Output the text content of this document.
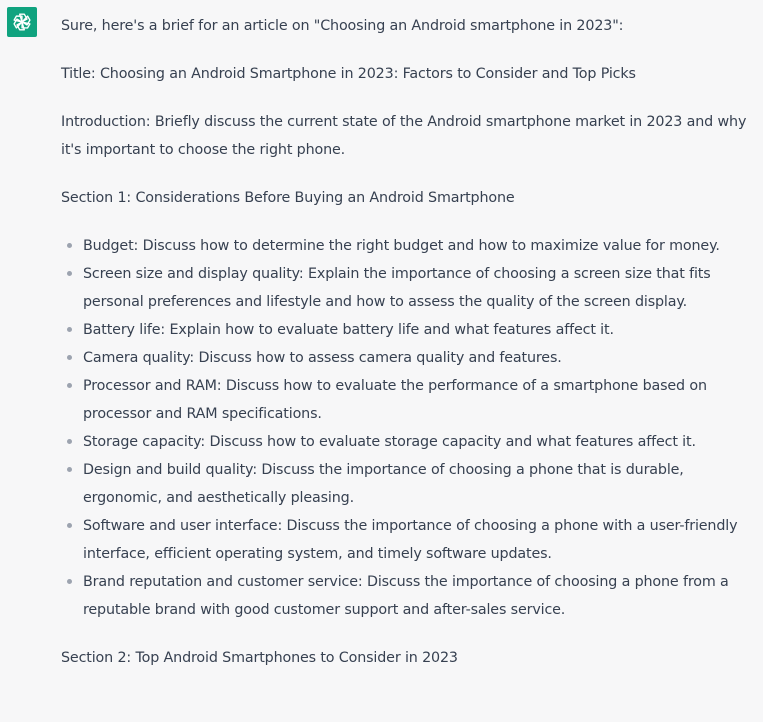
Sure, here's a brief for an article on "Choosing an Android smartphone in 2023":

Title: Choosing an Android Smartphone in 2023: Factors to Consider and Top Picks

Introduction: Briefly discuss the current state of the Android smartphone market in 2023 and why it's important to choose the right phone.

Section 1: Considerations Before Buying an Android Smartphone

Budget: Discuss how to determine the right budget and how to maximize value for money.
Screen size and display quality: Explain the importance of choosing a screen size that fits personal preferences and lifestyle and how to assess the quality of the screen display.
Battery life: Explain how to evaluate battery life and what features affect it.
Camera quality: Discuss how to assess camera quality and features.
Processor and RAM: Discuss how to evaluate the performance of a smartphone based on processor and RAM specifications.
Storage capacity: Discuss how to evaluate storage capacity and what features affect it.
Design and build quality: Discuss the importance of choosing a phone that is durable, ergonomic, and aesthetically pleasing.
Software and user interface: Discuss the importance of choosing a phone with a user-friendly interface, efficient operating system, and timely software updates.
Brand reputation and customer service: Discuss the importance of choosing a phone from a reputable brand with good customer support and after-sales service.

Section 2: Top Android Smartphones to Consider in 2023
